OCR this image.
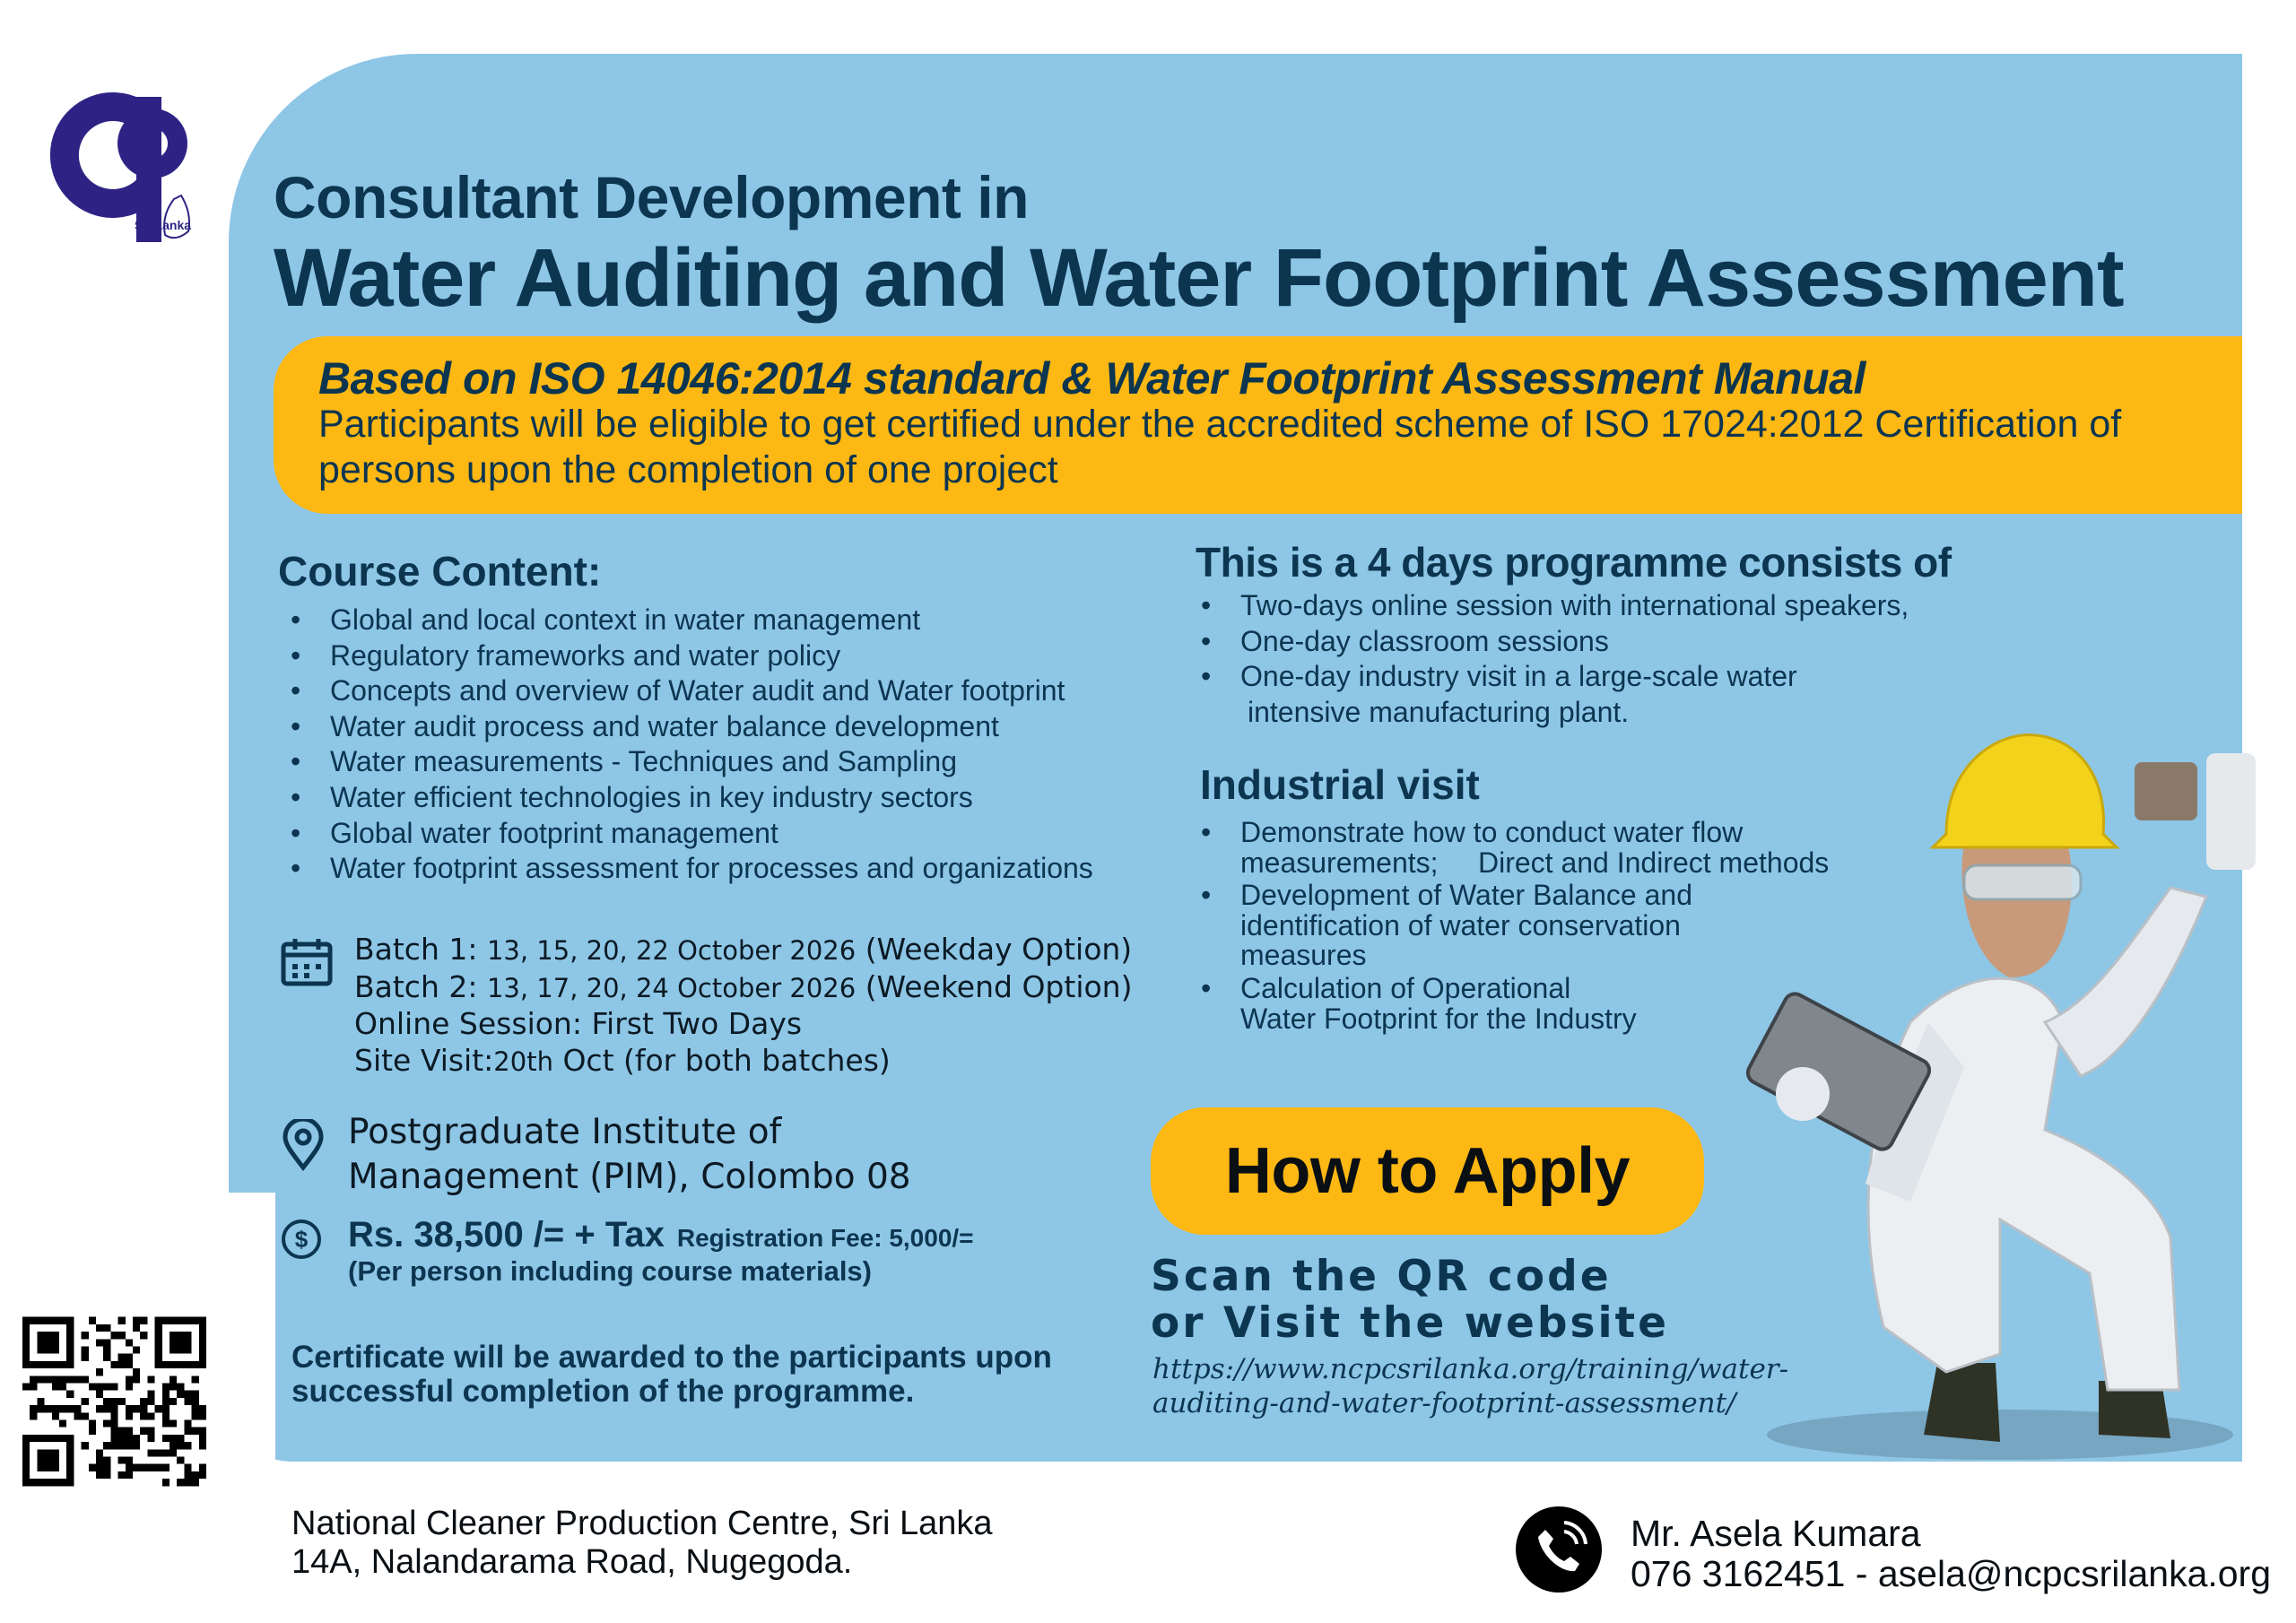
Sri Lanka Consultant Development in
Water Auditing and Water Footprint Assessment
Based on ISO 14046:2014 standard & Water Footprint Assessment Manual
Participants will be eligible to get certified under the accredited scheme of ISO 17024:2012 Certification of persons upon the completion of one project
Course Content:
• Global and local context in water management
• Regulatory frameworks and water policy
• Concepts and overview of Water audit and Water footprint
• Water audit process and water balance development
• Water measurements - Techniques and Sampling
• Water efficient technologies in key industry sectors
• Global water footprint management
• Water footprint assessment for processes and organizations
Batch 1: 13, 15, 20, 22 October 2026 (Weekday Option)
Batch 2: 13, 17, 20, 24 October 2026 (Weekend Option)
Online Session: First Two Days
Site Visit:20th Oct (for both batches)
Postgraduate Institute of
Management (PIM), Colombo 08
$ Rs. 38,500 /= + Tax Registration Fee: 5,000/=
(Per person including course materials)
Certificate will be awarded to the participants upon successful completion of the programme.
This is a 4 days programme consists of
• Two-days online session with international speakers,
• One-day classroom sessions
• One-day industry visit in a large-scale water
intensive manufacturing plant.
Industrial visit
• Demonstrate how to conduct water flow
measurements;     Direct and Indirect methods
• Development of Water Balance and
identification of water conservation
measures
• Calculation of Operational
Water Footprint for the Industry
How to Apply
Scan the QR code
or Visit the website
https://www.ncpcsrilanka.org/training/water-
auditing-and-water-footprint-assessment/
National Cleaner Production Centre, Sri Lanka
14A, Nalandarama Road, Nugegoda.
Mr. Asela Kumara
076 3162451 - asela@ncpcsrilanka.org
